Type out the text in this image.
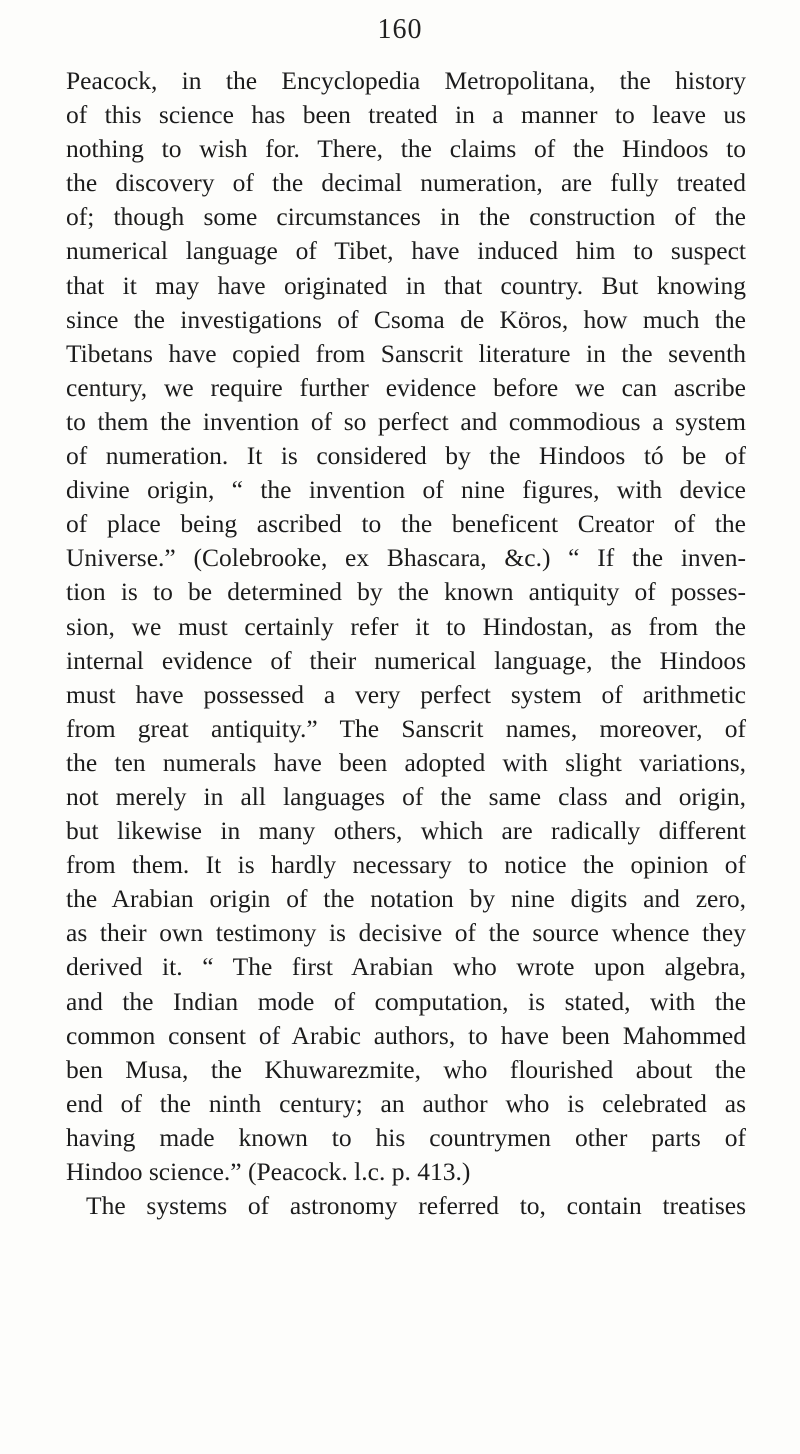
160
Peacock, in the Encyclopedia Metropolitana, the history
of this science has been treated in a manner to leave us
nothing to wish for. There, the claims of the Hindoos to
the discovery of the decimal numeration, are fully treated
of; though some circumstances in the construction of the
numerical language of Tibet, have induced him to suspect
that it may have originated in that country. But knowing
since the investigations of Csoma de Köros, how much the
Tibetans have copied from Sanscrit literature in the seventh
century, we require further evidence before we can ascribe
to them the invention of so perfect and commodious a system
of numeration. It is considered by the Hindoos tó be of
divine origin, “ the invention of nine figures, with device
of place being ascribed to the beneficent Creator of the
Universe.” (Colebrooke, ex Bhascara, &c.) “ If the inven-
tion is to be determined by the known antiquity of posses-
sion, we must certainly refer it to Hindostan, as from the
internal evidence of their numerical language, the Hindoos
must have possessed a very perfect system of arithmetic
from great antiquity.” The Sanscrit names, moreover, of
the ten numerals have been adopted with slight variations,
not merely in all languages of the same class and origin,
but likewise in many others, which are radically different
from them. It is hardly necessary to notice the opinion of
the Arabian origin of the notation by nine digits and zero,
as their own testimony is decisive of the source whence they
derived it. “ The first Arabian who wrote upon algebra,
and the Indian mode of computation, is stated, with the
common consent of Arabic authors, to have been Mahommed
ben Musa, the Khuwarezmite, who flourished about the
end of the ninth century; an author who is celebrated as
having made known to his countrymen other parts of
Hindoo science.” (Peacock. l.c. p. 413.)
The systems of astronomy referred to, contain treatises
